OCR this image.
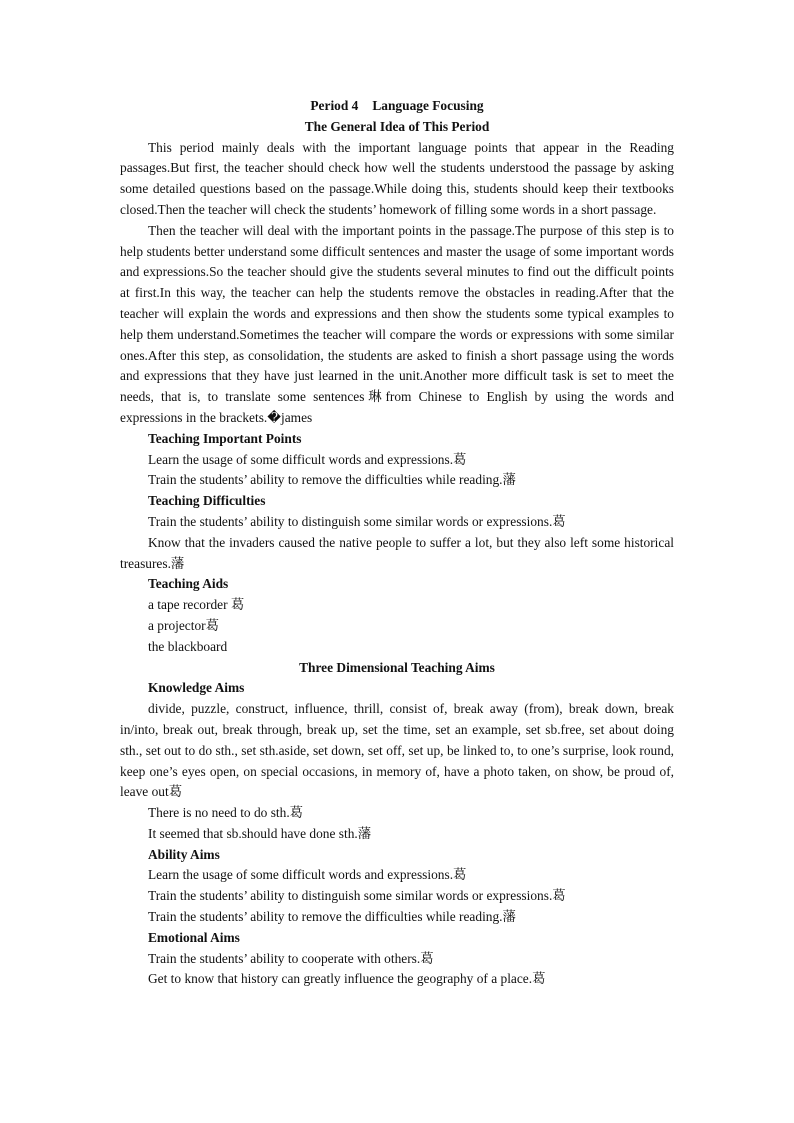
Period 4 Language Focusing
The General Idea of This Period

This period mainly deals with the important language points that appear in the Reading passages.But first, the teacher should check how well the students understood the passage by asking some detailed questions based on the passage.While doing this, students should keep their textbooks closed.Then the teacher will check the students’ homework of filling some words in a short passage.

Then the teacher will deal with the important points in the passage.The purpose of this step is to help students better understand some difficult sentences and master the usage of some important words and expressions.So the teacher should give the students several minutes to find out the difficult points at first.In this way, the teacher can help the students remove the obstacles in reading.After that the teacher will explain the words and expressions and then show the students some typical examples to help them understand.Sometimes the teacher will compare the words or expressions with some similar ones.After this step, as consolidation, the students are asked to finish a short passage using the words and expressions that they have just learned in the unit.Another more difficult task is set to meet the needs, that is, to translate some sentences琳from Chinese to English by using the words and expressions in the brackets.�james

Teaching Important Points

Learn the usage of some difficult words and expressions.葛

Train the students’ ability to remove the difficulties while reading.藩

Teaching Difficulties

Train the students’ ability to distinguish some similar words or expressions.葛

Know that the invaders caused the native people to suffer a lot, but they also left some historical treasures.藩

Teaching Aids

a tape recorder 葛

a projector葛

the blackboard

Three Dimensional Teaching Aims

Knowledge Aims

divide, puzzle, construct, influence, thrill, consist of, break away (from), break down, break in/into, break out, break through, break up, set the time, set an example, set sb.free, set about doing sth., set out to do sth., set sth.aside, set down, set off, set up, be linked to, to one’s surprise, look round, keep one’s eyes open, on special occasions, in memory of, have a photo taken, on show, be proud of, leave out葛

There is no need to do sth.葛

It seemed that sb.should have done sth.藩

Ability Aims

Learn the usage of some difficult words and expressions.葛

Train the students’ ability to distinguish some similar words or expressions.葛

Train the students’ ability to remove the difficulties while reading.藩

Emotional Aims

Train the students’ ability to cooperate with others.葛

Get to know that history can greatly influence the geography of a place.葛
